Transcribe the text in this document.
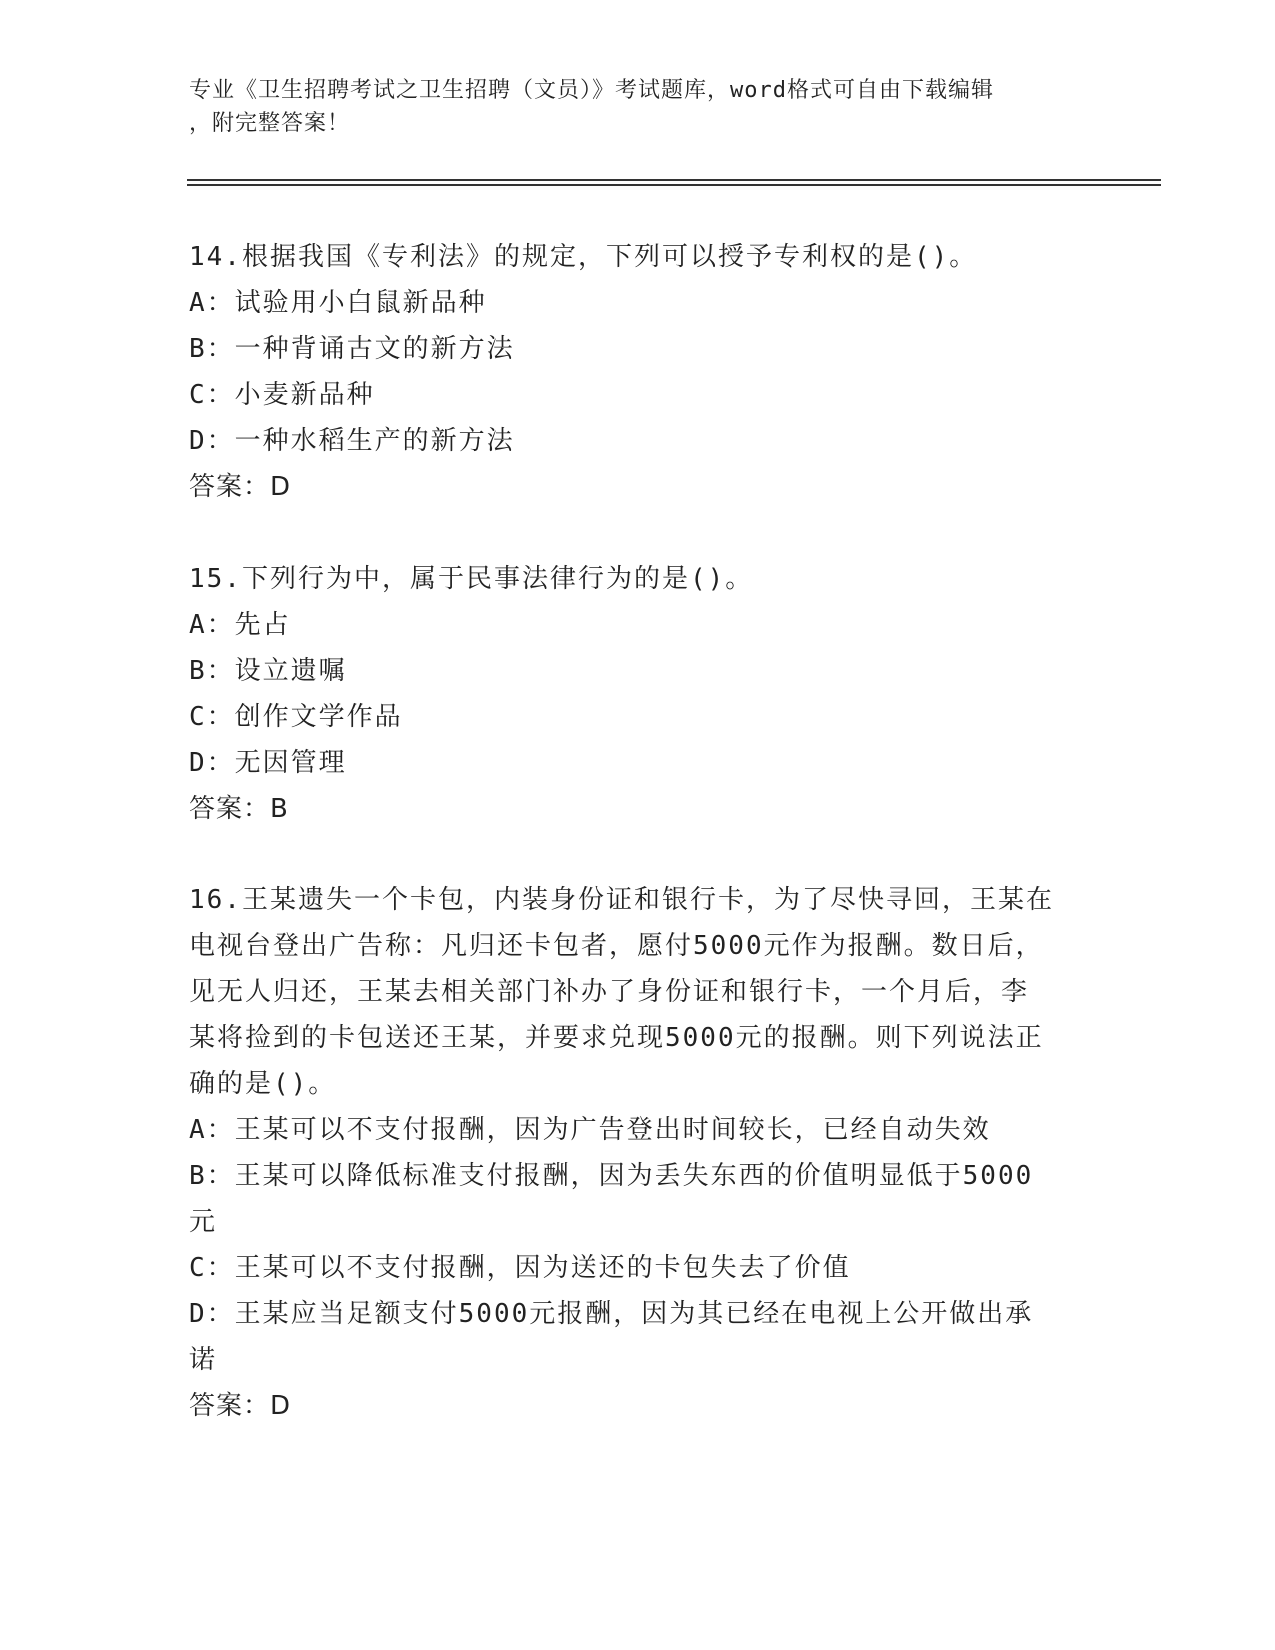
专业《卫生招聘考试之卫生招聘（文员）》考试题库，word格式可自由下载编辑
，附完整答案！
14.根据我国《专利法》的规定，下列可以授予专利权的是()。
A：试验用小白鼠新品种
B：一种背诵古文的新方法
C：小麦新品种
D：一种水稻生产的新方法
答案：D
15.下列行为中，属于民事法律行为的是()。
A：先占
B：设立遗嘱
C：创作文学作品
D：无因管理
答案：B
16.王某遗失一个卡包，内装身份证和银行卡，为了尽快寻回，王某在
电视台登出广告称：凡归还卡包者，愿付5000元作为报酬。数日后，
见无人归还，王某去相关部门补办了身份证和银行卡，一个月后，李
某将捡到的卡包送还王某，并要求兑现5000元的报酬。则下列说法正
确的是()。
A：王某可以不支付报酬，因为广告登出时间较长，已经自动失效
B：王某可以降低标准支付报酬，因为丢失东西的价值明显低于5000
元
C：王某可以不支付报酬，因为送还的卡包失去了价值
D：王某应当足额支付5000元报酬，因为其已经在电视上公开做出承
诺
答案：D
